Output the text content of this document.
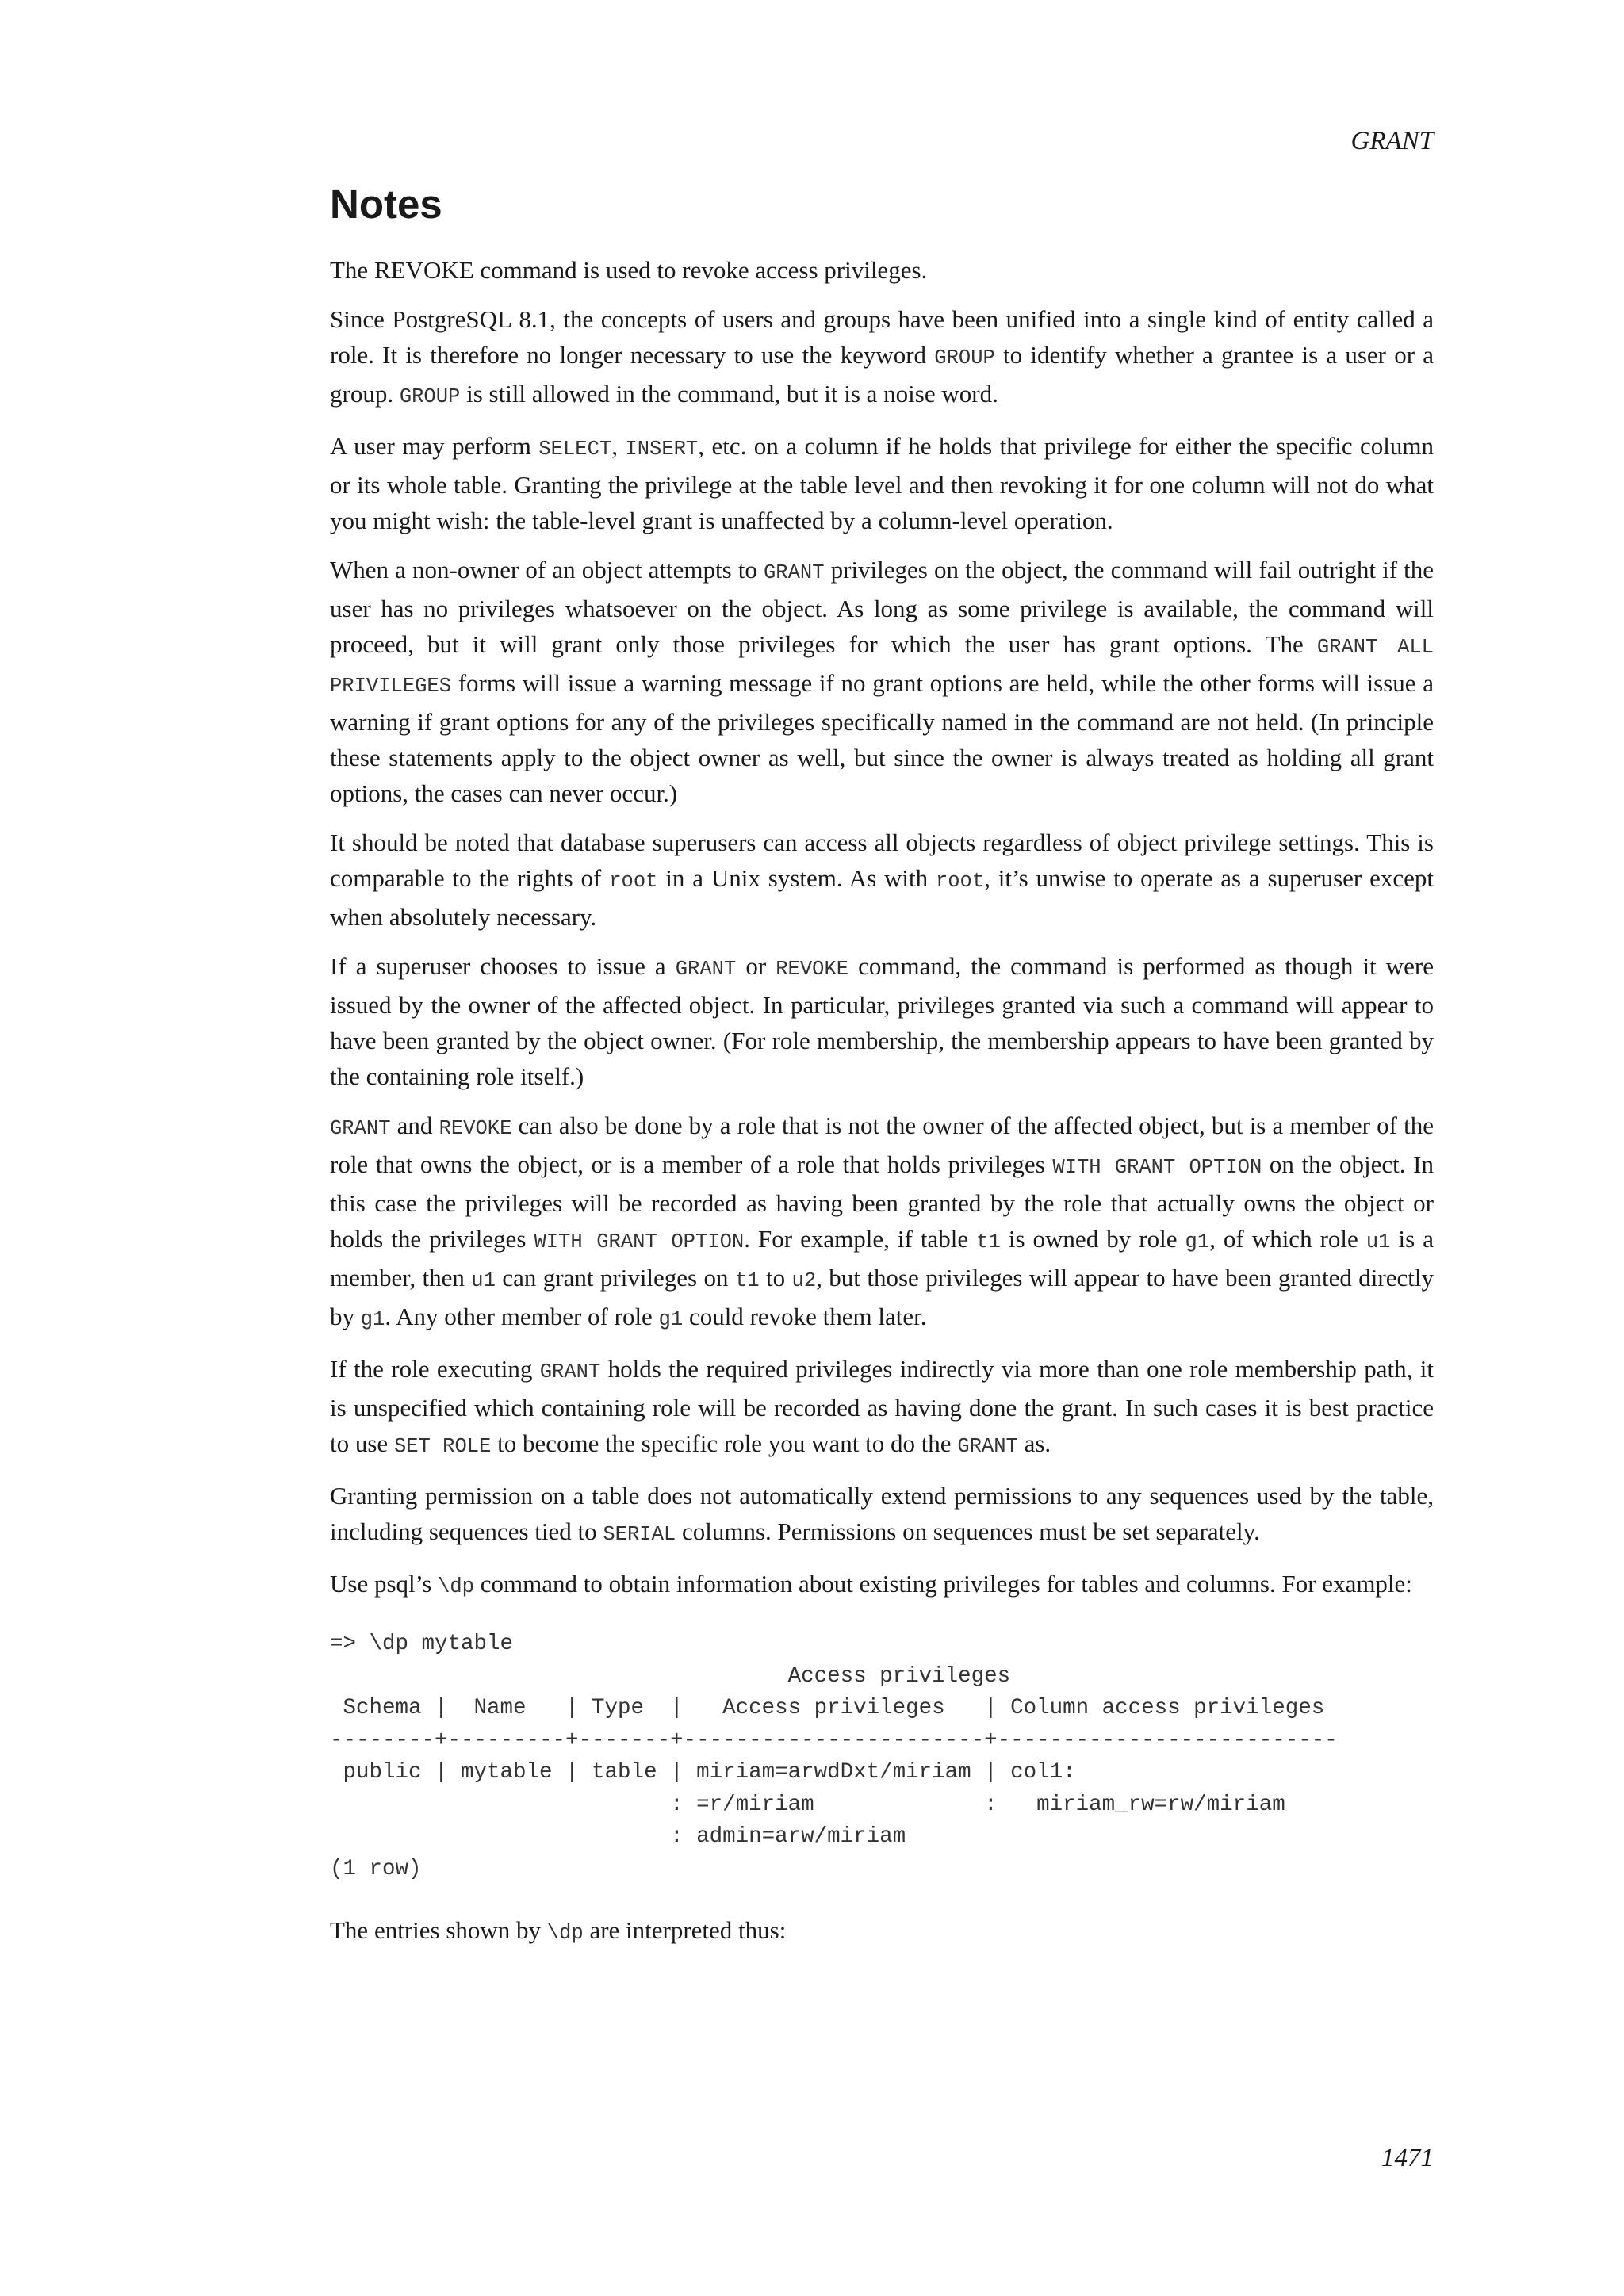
GRANT
Notes

The REVOKE command is used to revoke access privileges.

Since PostgreSQL 8.1, the concepts of users and groups have been unified into a single kind of entity called a role. It is therefore no longer necessary to use the keyword GROUP to identify whether a grantee is a user or a group. GROUP is still allowed in the command, but it is a noise word.

A user may perform SELECT, INSERT, etc. on a column if he holds that privilege for either the specific column or its whole table. Granting the privilege at the table level and then revoking it for one column will not do what you might wish: the table-level grant is unaffected by a column-level operation.

When a non-owner of an object attempts to GRANT privileges on the object, the command will fail outright if the user has no privileges whatsoever on the object. As long as some privilege is available, the command will proceed, but it will grant only those privileges for which the user has grant options. The GRANT ALL PRIVILEGES forms will issue a warning message if no grant options are held, while the other forms will issue a warning if grant options for any of the privileges specifically named in the command are not held. (In principle these statements apply to the object owner as well, but since the owner is always treated as holding all grant options, the cases can never occur.)

It should be noted that database superusers can access all objects regardless of object privilege settings. This is comparable to the rights of root in a Unix system. As with root, it’s unwise to operate as a superuser except when absolutely necessary.

If a superuser chooses to issue a GRANT or REVOKE command, the command is performed as though it were issued by the owner of the affected object. In particular, privileges granted via such a command will appear to have been granted by the object owner. (For role membership, the membership appears to have been granted by the containing role itself.)

GRANT and REVOKE can also be done by a role that is not the owner of the affected object, but is a member of the role that owns the object, or is a member of a role that holds privileges WITH GRANT OPTION on the object. In this case the privileges will be recorded as having been granted by the role that actually owns the object or holds the privileges WITH GRANT OPTION. For example, if table t1 is owned by role g1, of which role u1 is a member, then u1 can grant privileges on t1 to u2, but those privileges will appear to have been granted directly by g1. Any other member of role g1 could revoke them later.

If the role executing GRANT holds the required privileges indirectly via more than one role membership path, it is unspecified which containing role will be recorded as having done the grant. In such cases it is best practice to use SET ROLE to become the specific role you want to do the GRANT as.

Granting permission on a table does not automatically extend permissions to any sequences used by the table, including sequences tied to SERIAL columns. Permissions on sequences must be set separately.

Use psql’s \dp command to obtain information about existing privileges for tables and columns. For example:

=> \dp mytable
Access privileges
Schema |  Name   | Type  |   Access privileges   | Column access privileges
--------+---------+-------+-----------------------+--------------------------
public | mytable | table | miriam=arwdDxt/miriam | col1:
: =r/miriam             :   miriam_rw=rw/miriam
: admin=arw/miriam
(1 row)

The entries shown by \dp are interpreted thus:

1471
